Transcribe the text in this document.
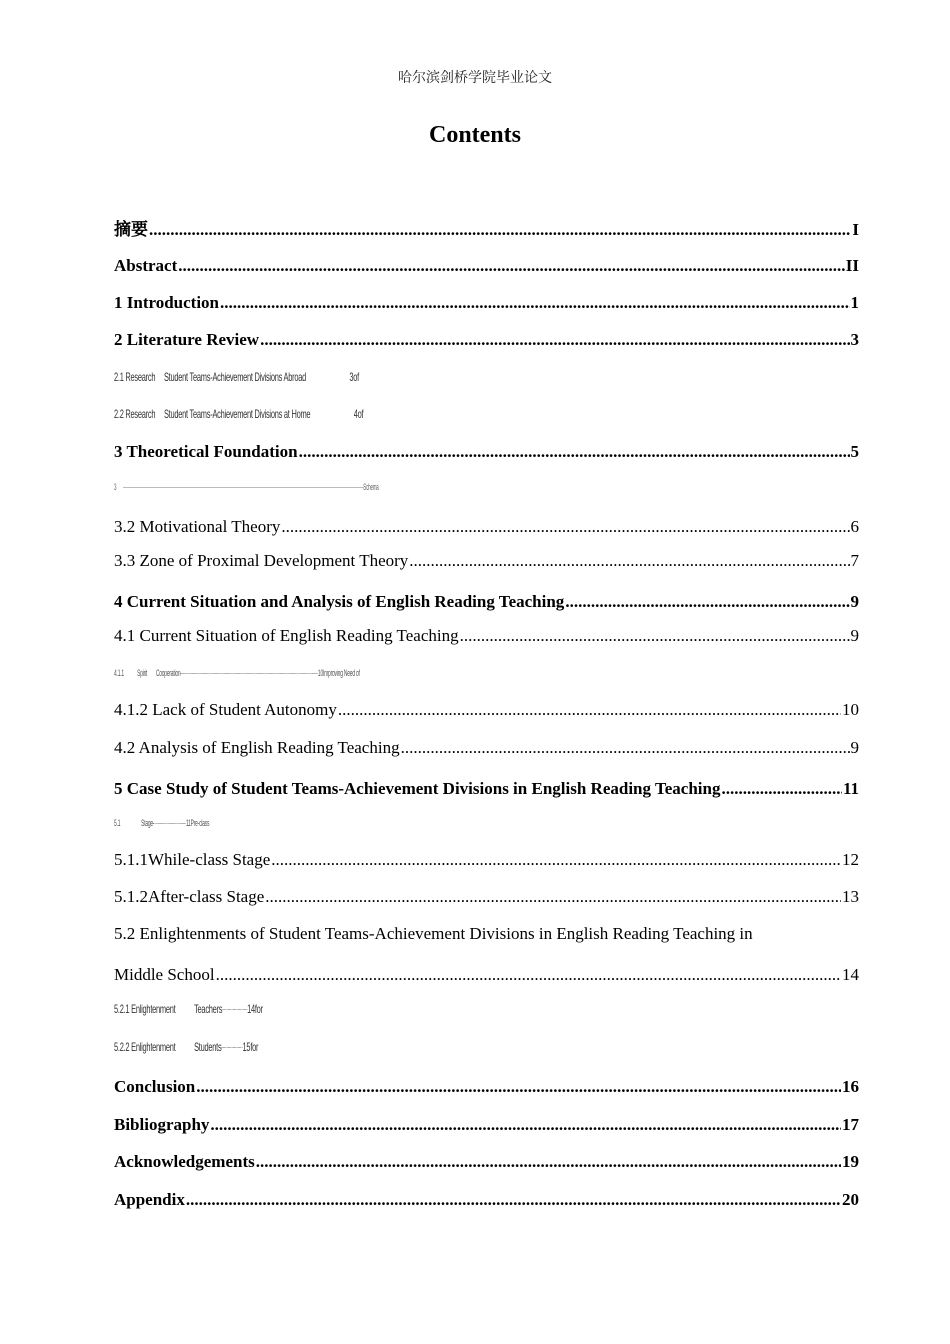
哈尔滨剑桥学院毕业论文
Contents
摘要 .....	I
Abstract .....	II
1 Introduction .....	1
2 Literature Review .....	3
2.1 Research Student Teams-Achievement Divisions Abroad	3of
2.2 Research Student Teams-Achievement Divisions at Home	4of
3 Theoretical Foundation .....	5
3	Schema
3.2 Motivational Theory .....	6
3.3 Zone of Proximal Development Theory .....	7
4 Current Situation and Analysis of English Reading Teaching .....	9
4.1 Current Situation of English Reading Teaching .....	9
4.1.1 Spirit Cooperation	10Improving Need of
4.1.2 Lack of Student Autonomy .....	10
4.2 Analysis of English Reading Teaching .....	9
5 Case Study of Student Teams-Achievement Divisions in English Reading Teaching .....	11
5.1 Stage	11Pre-class
5.1.1While-class Stage .....	12
5.1.2After-class Stage .....	13
5.2 Enlightenments of Student Teams-Achievement Divisions in English Reading Teaching in
Middle School .....	14
5.2.1 Enlightenment Teachers 14for
5.2.2 Enlightenment Students 15for
Conclusion .....	16
Bibliography .....	17
Acknowledgements .....	19
Appendix .....	20
